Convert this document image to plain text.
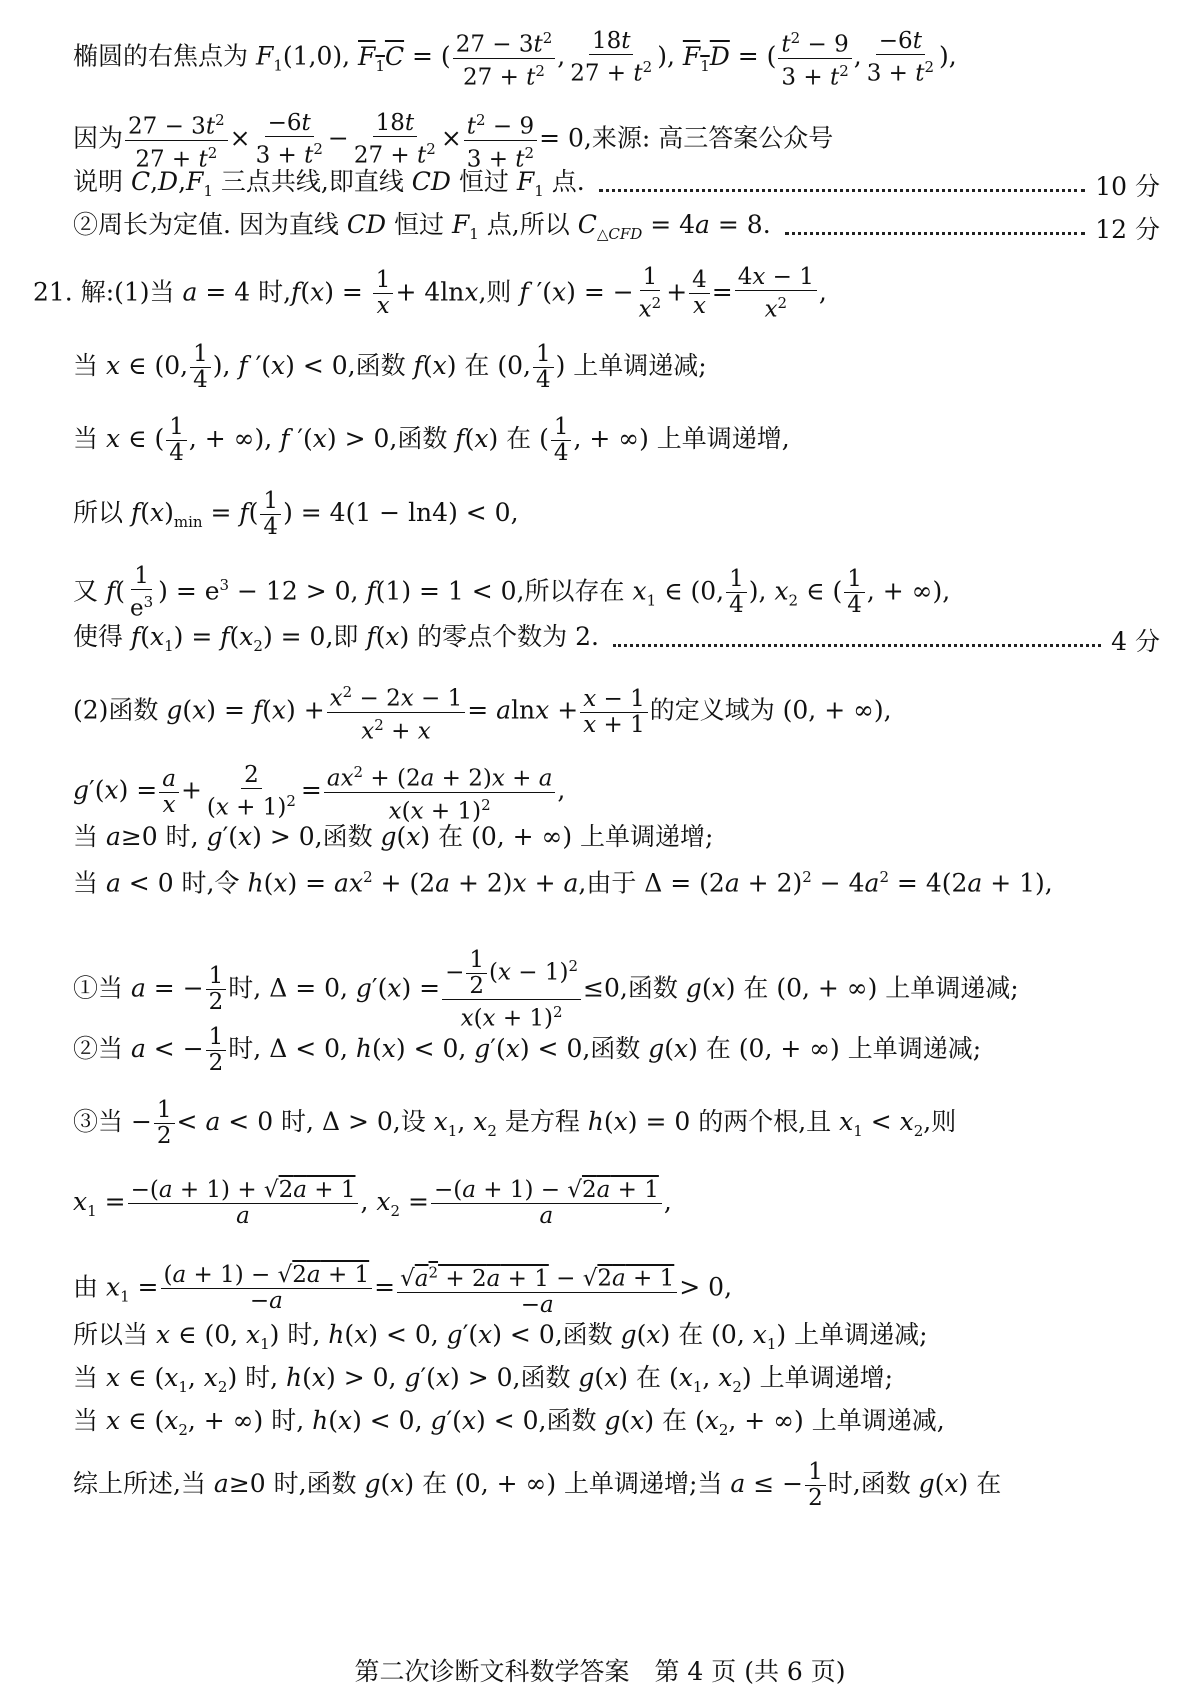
椭圆的右焦点为 $F_1(1,0)$, $F_1C$ = ( $\frac{27 - 3t^2}{27 + t^2}$ , $\frac{18t}{27 + t^2}$ ), $F_1D$ = ( $\frac{t^2 - 9}{3 + t^2}$ , $\frac{-6t}{3 + t^2}$ ),
因为 $\frac{27 - 3t^2}{27 + t^2} \times \frac{-6t}{3 + t^2} - \frac{18t}{27 + t^2} \times \frac{t^2 - 9}{3 + t^2} = 0$,来源: 高三答案公众号
说明 $C,D,F_1$ 三点共线,即直线 CD 恒过 $F_1$ 点.	10 分
②周长为定值. 因为直线 CD 恒过 $F_1$ 点,所以 $C_{\triangle CFD} = 4a = 8$.	12 分
21. 解:(1)当 a = 4 时$,f(x) = \frac{1}{x} + 4\ln x$,则 f ′(x) = − $\frac{1}{x^2} + \frac{4}{x} = \frac{4x - 1}{x^2}$ ,
当 x ∈ (0, $\frac{1}{4}$ ), f ′(x) < 0,函数 f(x) 在 (0, $\frac{1}{4}$ ) 上单调递减;
当 x ∈ ( $\frac{1}{4}$ , + ∞), f ′(x) > 0,函数 f(x) 在 ( $\frac{1}{4}$ , + ∞) 上单调递增,
所以 $f(x)_{min} = f( \frac{1}{4}$ ) = 4(1 − ln4) < 0,
又 $f( \frac{1}{e^3}$ ) = $e^3 - 12 > 0$, f(1) = 1 < 0,所以存在 $x_1$ ∈ (0, $\frac{1}{4}$ ), $x_2$ ∈ ( $\frac{1}{4}$ , + ∞),
使得 $f(x_1) = f(x_2) = 0$,即 f(x) 的零点个数为 2.	4 分
(2)函数 $g(x) = f(x) + \frac{x^2 - 2x - 1}{x^2 + x} = alnx + \frac{x - 1}{x + 1}$ 的定义域为 (0, + ∞),
$g'(x) = \frac{a}{x} + \frac{2}{(x + 1)^2} = \frac{ax^2 + (2a + 2)x + a}{x(x + 1)^2}$ ,
当 a≥0 时, g′(x) > 0,函数 g(x) 在 (0, + ∞) 上单调递增;
当 a < 0 时,令 $h(x) = ax^2 + (2a + 2)x + a$,由于 $\Delta = (2a + 2)^2 - 4a^2 = 4(2a + 1)$,
①当 a = − $\frac{1}{2}$ 时, Δ = 0, $g'(x) = \frac{- \frac{1}{2} (x - 1)^2}{x(x + 1)^2} \le 0$,函数 g(x) 在 (0, + ∞) 上单调递减;
②当 a < − $\frac{1}{2}$ 时, Δ < 0, h(x) < 0, g′(x) < 0,函数 g(x) 在 (0, + ∞) 上单调递减;
③当 − $\frac{1}{2} < a < 0$ 时, Δ > 0,设 $x_1$, $x_2$ 是方程 h(x) = 0 的两个根,且 $x_1 < x_2$,则
$x_1 = \frac{-(a + 1) + √2a + 1}{a}$ , $x_2 = \frac{-(a + 1) - √2a + 1}{a}$ ,
由 $x_1 = \frac{(a + 1) - √2a + 1}{-a} = \frac{√a^2 + 2a + 1 - √2a + 1}{-a} > 0$,
所以当 x ∈ (0, $x_1$) 时, h(x) < 0, g′(x) < 0,函数 g(x) 在 (0, $x_1$) 上单调递减;
当 x ∈ ($x_1$, $x_2$) 时, h(x) > 0, g′(x) > 0,函数 g(x) 在 ($x_1$, $x_2$) 上单调递增;
当 x ∈ ($x_2$, + ∞) 时, h(x) < 0, g′(x) < 0,函数 g(x) 在 ($x_2$, + ∞) 上单调递减,
综上所述,当 a≥0 时,函数 g(x) 在 (0, + ∞) 上单调递增;当 a ≤ − $\frac{1}{2}$ 时,函数 g(x) 在
第二次诊断文科数学答案　第 4 页 (共 6 页)
